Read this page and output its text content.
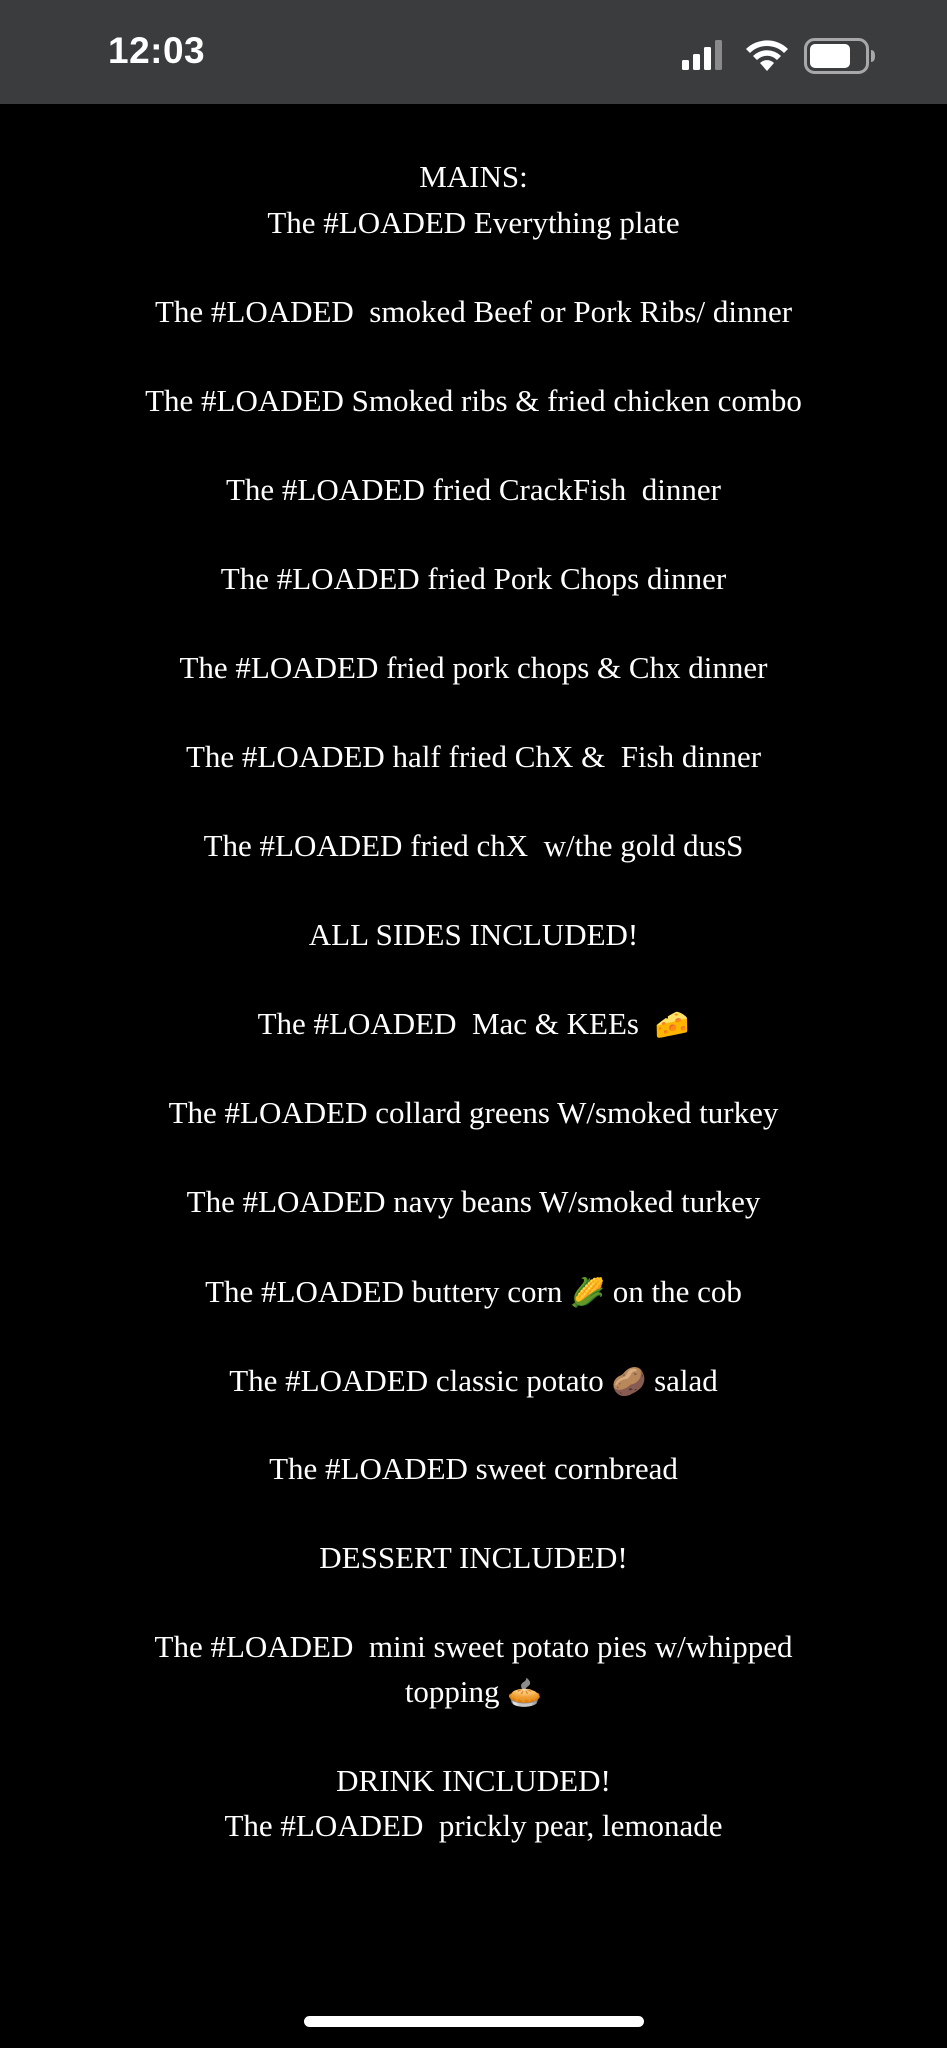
12:03
MAINS:
The #LOADED Everything plate
The #LOADED  smoked Beef or Pork Ribs/ dinner
The #LOADED Smoked ribs & fried chicken combo
The #LOADED fried CrackFish  dinner
The #LOADED fried Pork Chops dinner
The #LOADED fried pork chops & Chx dinner
The #LOADED half fried ChX &  Fish dinner
The #LOADED fried chX  w/the gold dusS
ALL SIDES INCLUDED!
The #LOADED  Mac & KEEs 🧀
The #LOADED collard greens W/smoked turkey
The #LOADED navy beans W/smoked turkey
The #LOADED buttery corn 🌽 on the cob
The #LOADED classic potato 🥔 salad
The #LOADED sweet cornbread
DESSERT INCLUDED!
The #LOADED  mini sweet potato pies w/whipped
topping 🥧
DRINK INCLUDED!
The #LOADED  prickly pear, lemonade
